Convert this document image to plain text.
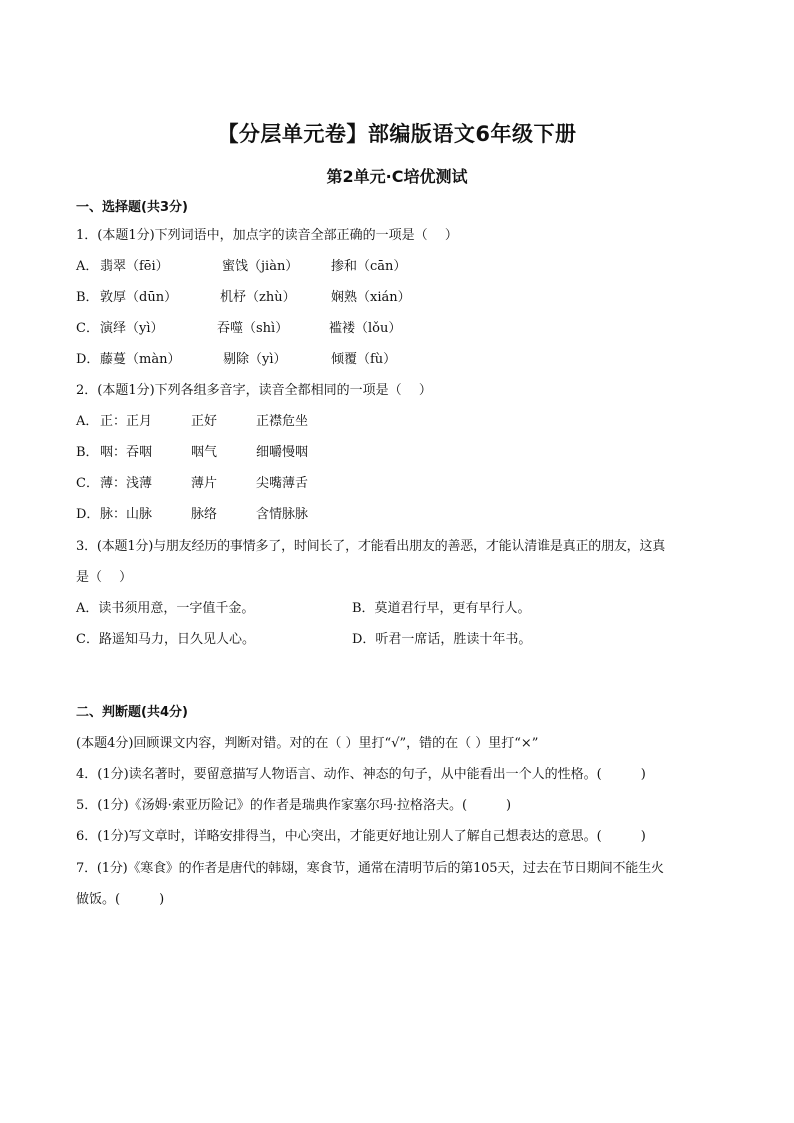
【分层单元卷】部编版语文6年级下册
第2单元·C培优测试
一、选择题(共3分)
1．(本题1分)下列词语中，加点字的读音全部正确的一项是（　 ）
A． 翡翠（fēi）	蜜饯（jiàn）	掺和（cān）
B． 敦厚（dūn）	机杼（zhù）	娴熟（xián）
C． 演绎（yì）	吞噬（shì）	褴褛（lǒu）
D． 藤蔓（màn）	剔除（yì）	倾覆（fù）
2．(本题1分)下列各组多音字，读音全都相同的一项是（　 ）
A． 正：正月	正好	正襟危坐
B． 咽：吞咽	咽气	细嚼慢咽
C． 薄：浅薄	薄片	尖嘴薄舌
D． 脉：山脉	脉络	含情脉脉
3．(本题1分)与朋友经历的事情多了，时间长了，才能看出朋友的善恶，才能认清谁是真正的朋友，这真
是（　 ）
A．读书须用意，一字值千金。	B．莫道君行早，更有早行人。
C．路遥知马力，日久见人心。	D．听君一席话，胜读十年书。
二、判断题(共4分)
(本题4分)回顾课文内容，判断对错。对的在（ ）里打“√”，错的在（ ）里打“×”
4．(1分)读名著时，要留意描写人物语言、动作、神态的句子，从中能看出一个人的性格。(　　　)
5．(1分)《汤姆·索亚历险记》的作者是瑞典作家塞尔玛·拉格洛夫。(　　　)
6．(1分)写文章时，详略安排得当，中心突出，才能更好地让别人了解自己想表达的意思。(　　　)
7．(1分)《寒食》的作者是唐代的韩翃，寒食节，通常在清明节后的第105天，过去在节日期间不能生火
做饭。(　　　)
